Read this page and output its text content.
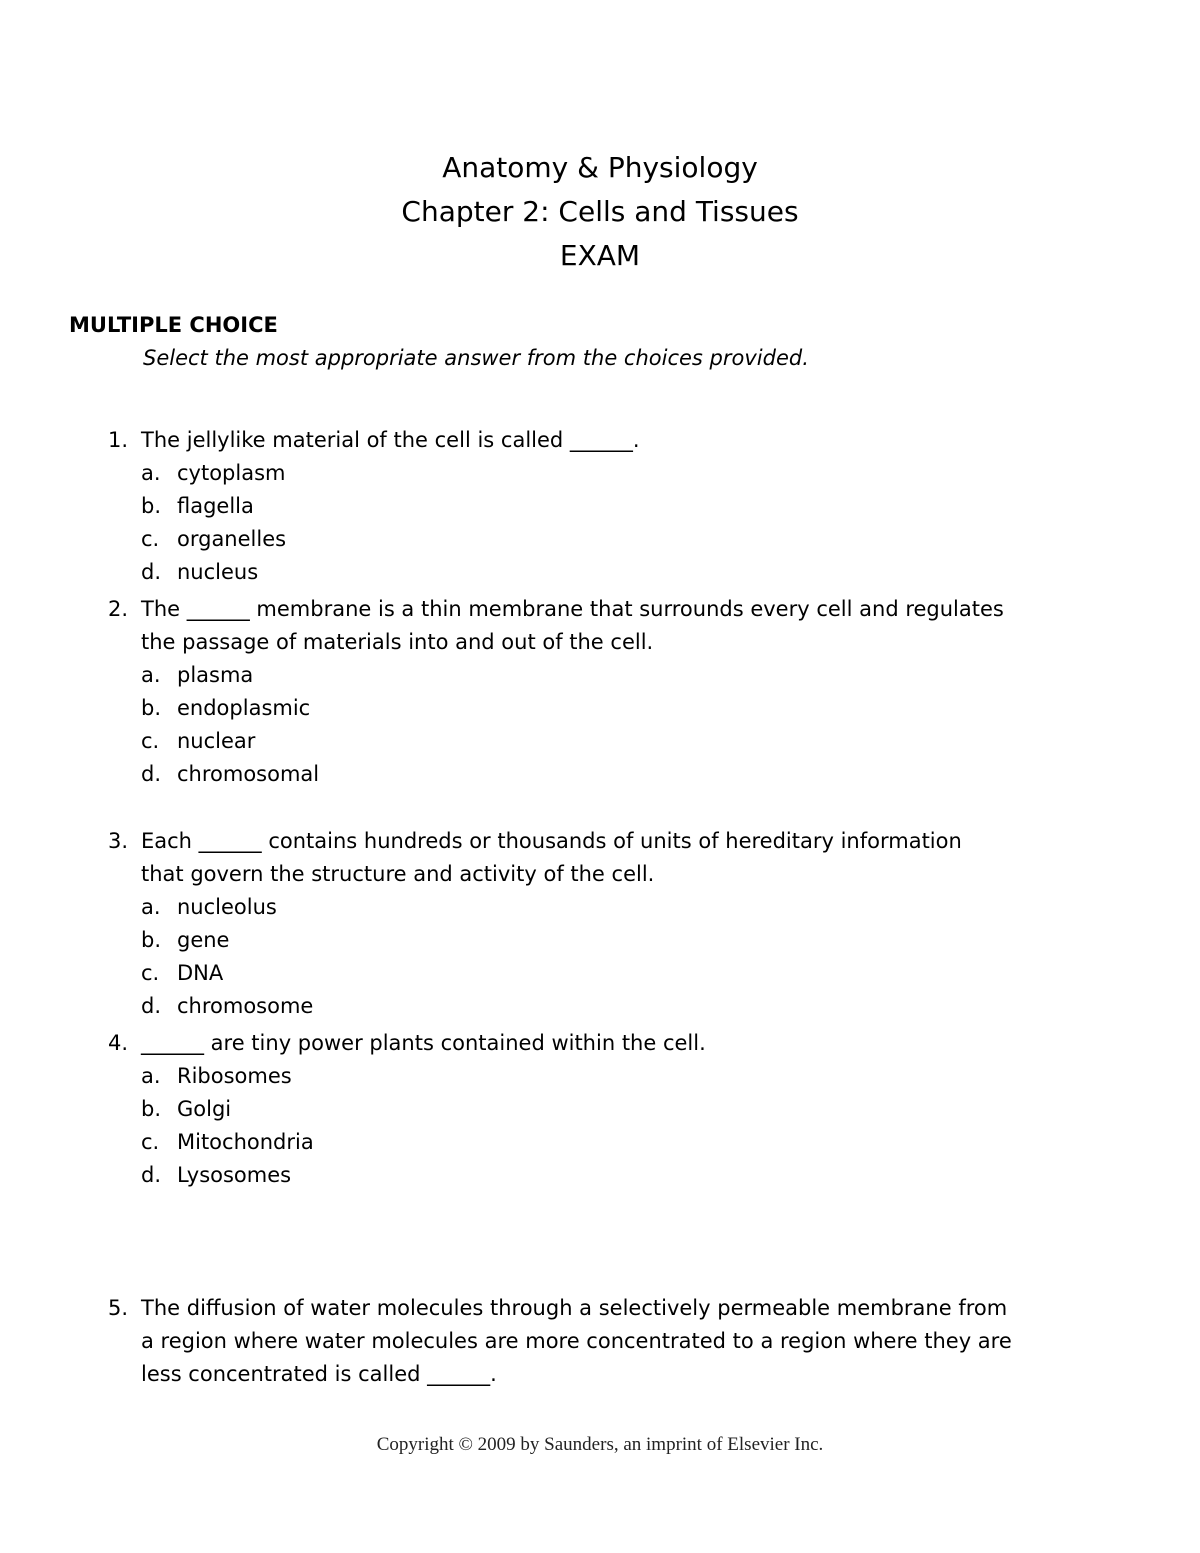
Anatomy & Physiology
Chapter 2: Cells and Tissues
EXAM
MULTIPLE CHOICE
Select the most appropriate answer from the choices provided.
1. The jellylike material of the cell is called ______.
a. cytoplasm
b. flagella
c. organelles
d. nucleus
2. The ______ membrane is a thin membrane that surrounds every cell and regulates
the passage of materials into and out of the cell.
a. plasma
b. endoplasmic
c. nuclear
d. chromosomal
3. Each ______ contains hundreds or thousands of units of hereditary information
that govern the structure and activity of the cell.
a. nucleolus
b. gene
c. DNA
d. chromosome
4. ______ are tiny power plants contained within the cell.
a. Ribosomes
b. Golgi
c. Mitochondria
d. Lysosomes
5. The diffusion of water molecules through a selectively permeable membrane from
a region where water molecules are more concentrated to a region where they are
less concentrated is called ______.
Copyright © 2009 by Saunders, an imprint of Elsevier Inc.
